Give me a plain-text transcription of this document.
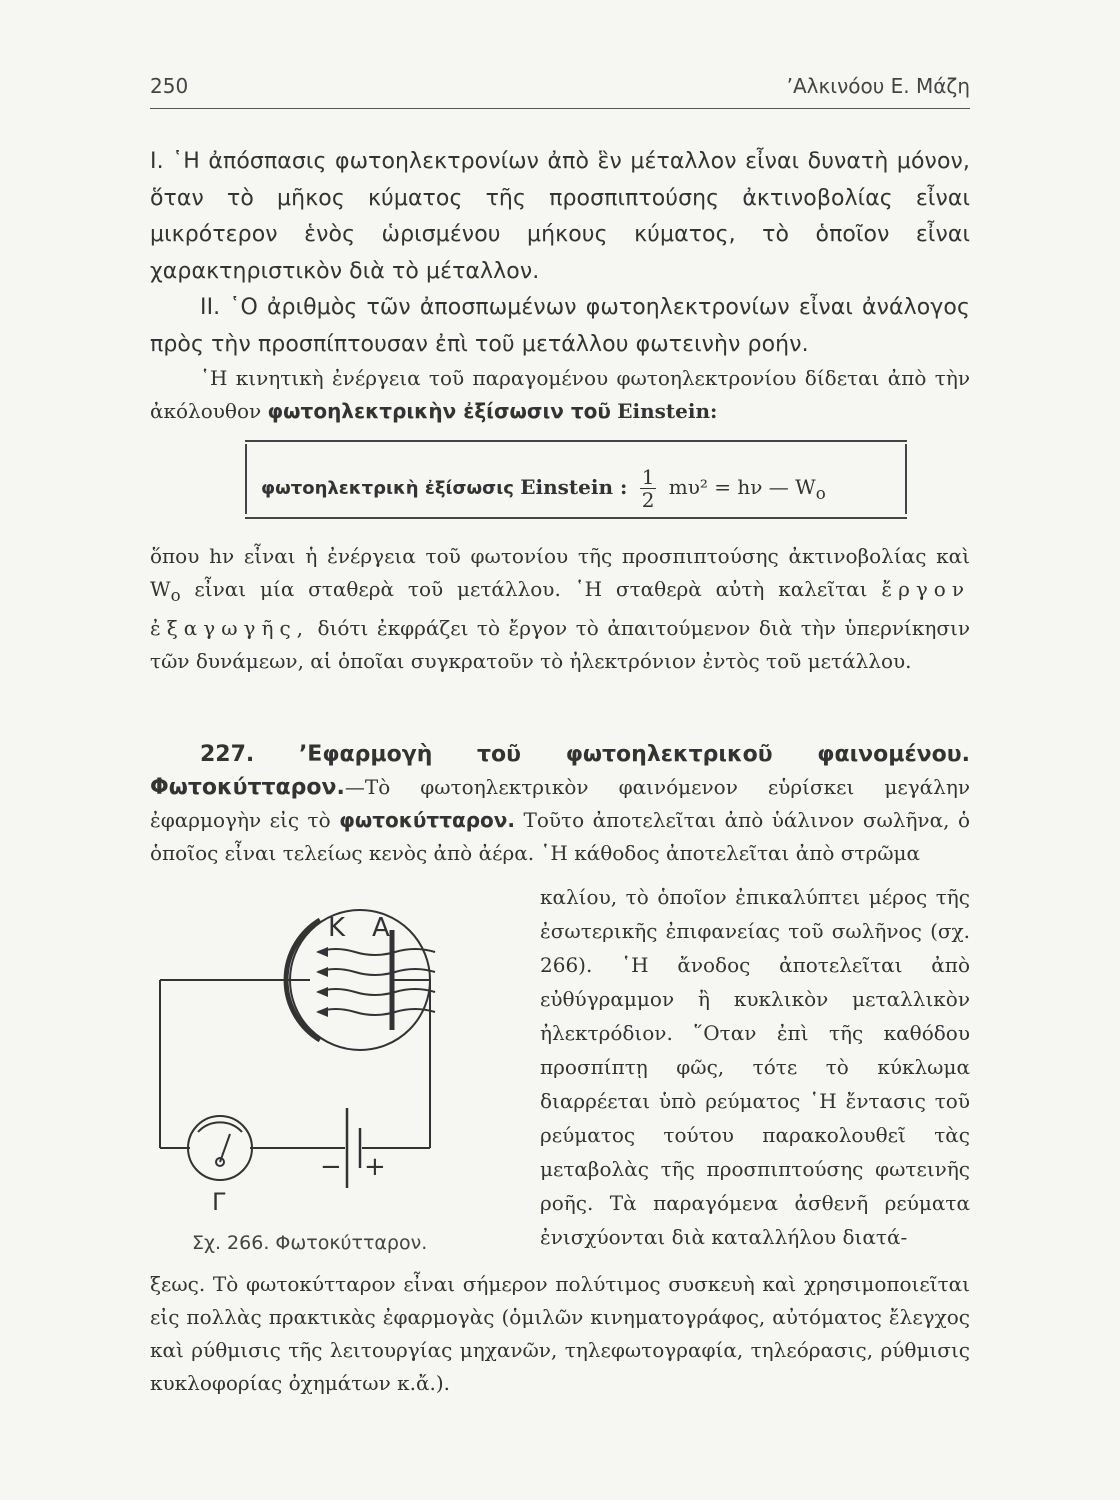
250	’Αλκινόου Ε. Μάζη
I. ῾Η ἀπόσπασις φωτοηλεκτρονίων ἀπὸ ἓν μέταλλον εἶναι δυνατὴ μόνον, ὅταν τὸ μῆκος κύματος τῆς προσπιπτούσης ἀκτινοβολίας εἶναι μικρότερον ἑνὸς ὡρισμένου μήκους κύματος, τὸ ὁποῖον εἶναι χαρακτηριστικὸν διὰ τὸ μέταλλον.
II. ῾Ο ἀριθμὸς τῶν ἀποσπωμένων φωτοηλεκτρονίων εἶναι ἀνάλογος πρὸς τὴν προσπίπτουσαν ἐπὶ τοῦ μετάλλου φωτεινὴν ροήν.
῾Η κινητικὴ ἐνέργεια τοῦ παραγομένου φωτοηλεκτρονίου δίδεται ἀπὸ τὴν ἀκόλουθον φωτοηλεκτρικὴν ἐξίσωσιν τοῦ Einstein:
φωτοηλεκτρικὴ ἐξίσωσις Einstein : $\frac{1}{2} m\upsilon^2 = h\nu$ — $W_o$
ὅπου hν εἶναι ἡ ἐνέργεια τοῦ φωτονίου τῆς προσπιπτούσης ἀκτινοβολίας καὶ $W_o$ εἶναι μία σταθερὰ τοῦ μετάλλου. ῾Η σταθερὰ αὐτὴ καλεῖται ἔργον ἐξαγωγῆς, διότι ἐκφράζει τὸ ἔργον τὸ ἀπαιτούμενον διὰ τὴν ὑπερνίκησιν τῶν δυνάμεων, αἱ ὁποῖαι συγκρατοῦν τὸ ἠλεκτρόνιον ἐντὸς τοῦ μετάλλου.
227. ’Εφαρμογὴ τοῦ φωτοηλεκτρικοῦ φαινομένου. Φωτοκύτταρον.—Τὸ φωτοηλεκτρικὸν φαινόμενον εὑρίσκει μεγάλην ἐφαρμογὴν εἰς τὸ φωτοκύτταρον. Τοῦτο ἀποτελεῖται ἀπὸ ὑάλινον σωλῆνα, ὁ ὁποῖος εἶναι τελείως κενὸς ἀπὸ ἀέρα. ῾Η κάθοδος ἀποτελεῖται ἀπὸ στρῶμα
καλίου, τὸ ὁποῖον ἐπικαλύπτει μέρος τῆς ἐσωτερικῆς ἐπιφανείας τοῦ σωλῆνος (σχ. 266). ῾Η ἄνοδος ἀποτελεῖται ἀπὸ εὐθύγραμμον ἢ κυκλικὸν μεταλλικὸν ἠλεκτρόδιον. ῞Οταν ἐπὶ τῆς καθόδου προσπίπτῃ φῶς, τότε τὸ κύκλωμα διαρρέεται ὑπὸ ρεύματος ῾Η ἔντασις τοῦ ρεύματος τούτου παρακολουθεῖ τὰς μεταβολὰς τῆς προσπιπτούσης φωτεινῆς ροῆς. Τὰ παραγόμενα ἀσθενῆ ρεύματα ἐνισχύονται διὰ καταλλήλου διατά-
K A
Γ
− +
Σχ. 266. Φωτοκύτταρον.
ξεως. Τὸ φωτοκύτταρον εἶναι σήμερον πολύτιμος συσκευὴ καὶ χρησιμοποιεῖται εἰς πολλὰς πρακτικὰς ἐφαρμογὰς (ὁμιλῶν κινηματογράφος, αὐτόματος ἔλεγχος καὶ ρύθμισις τῆς λειτουργίας μηχανῶν, τηλεφωτογραφία, τηλεόρασις, ρύθμισις κυκλοφορίας ὀχημάτων κ.ἄ.).
